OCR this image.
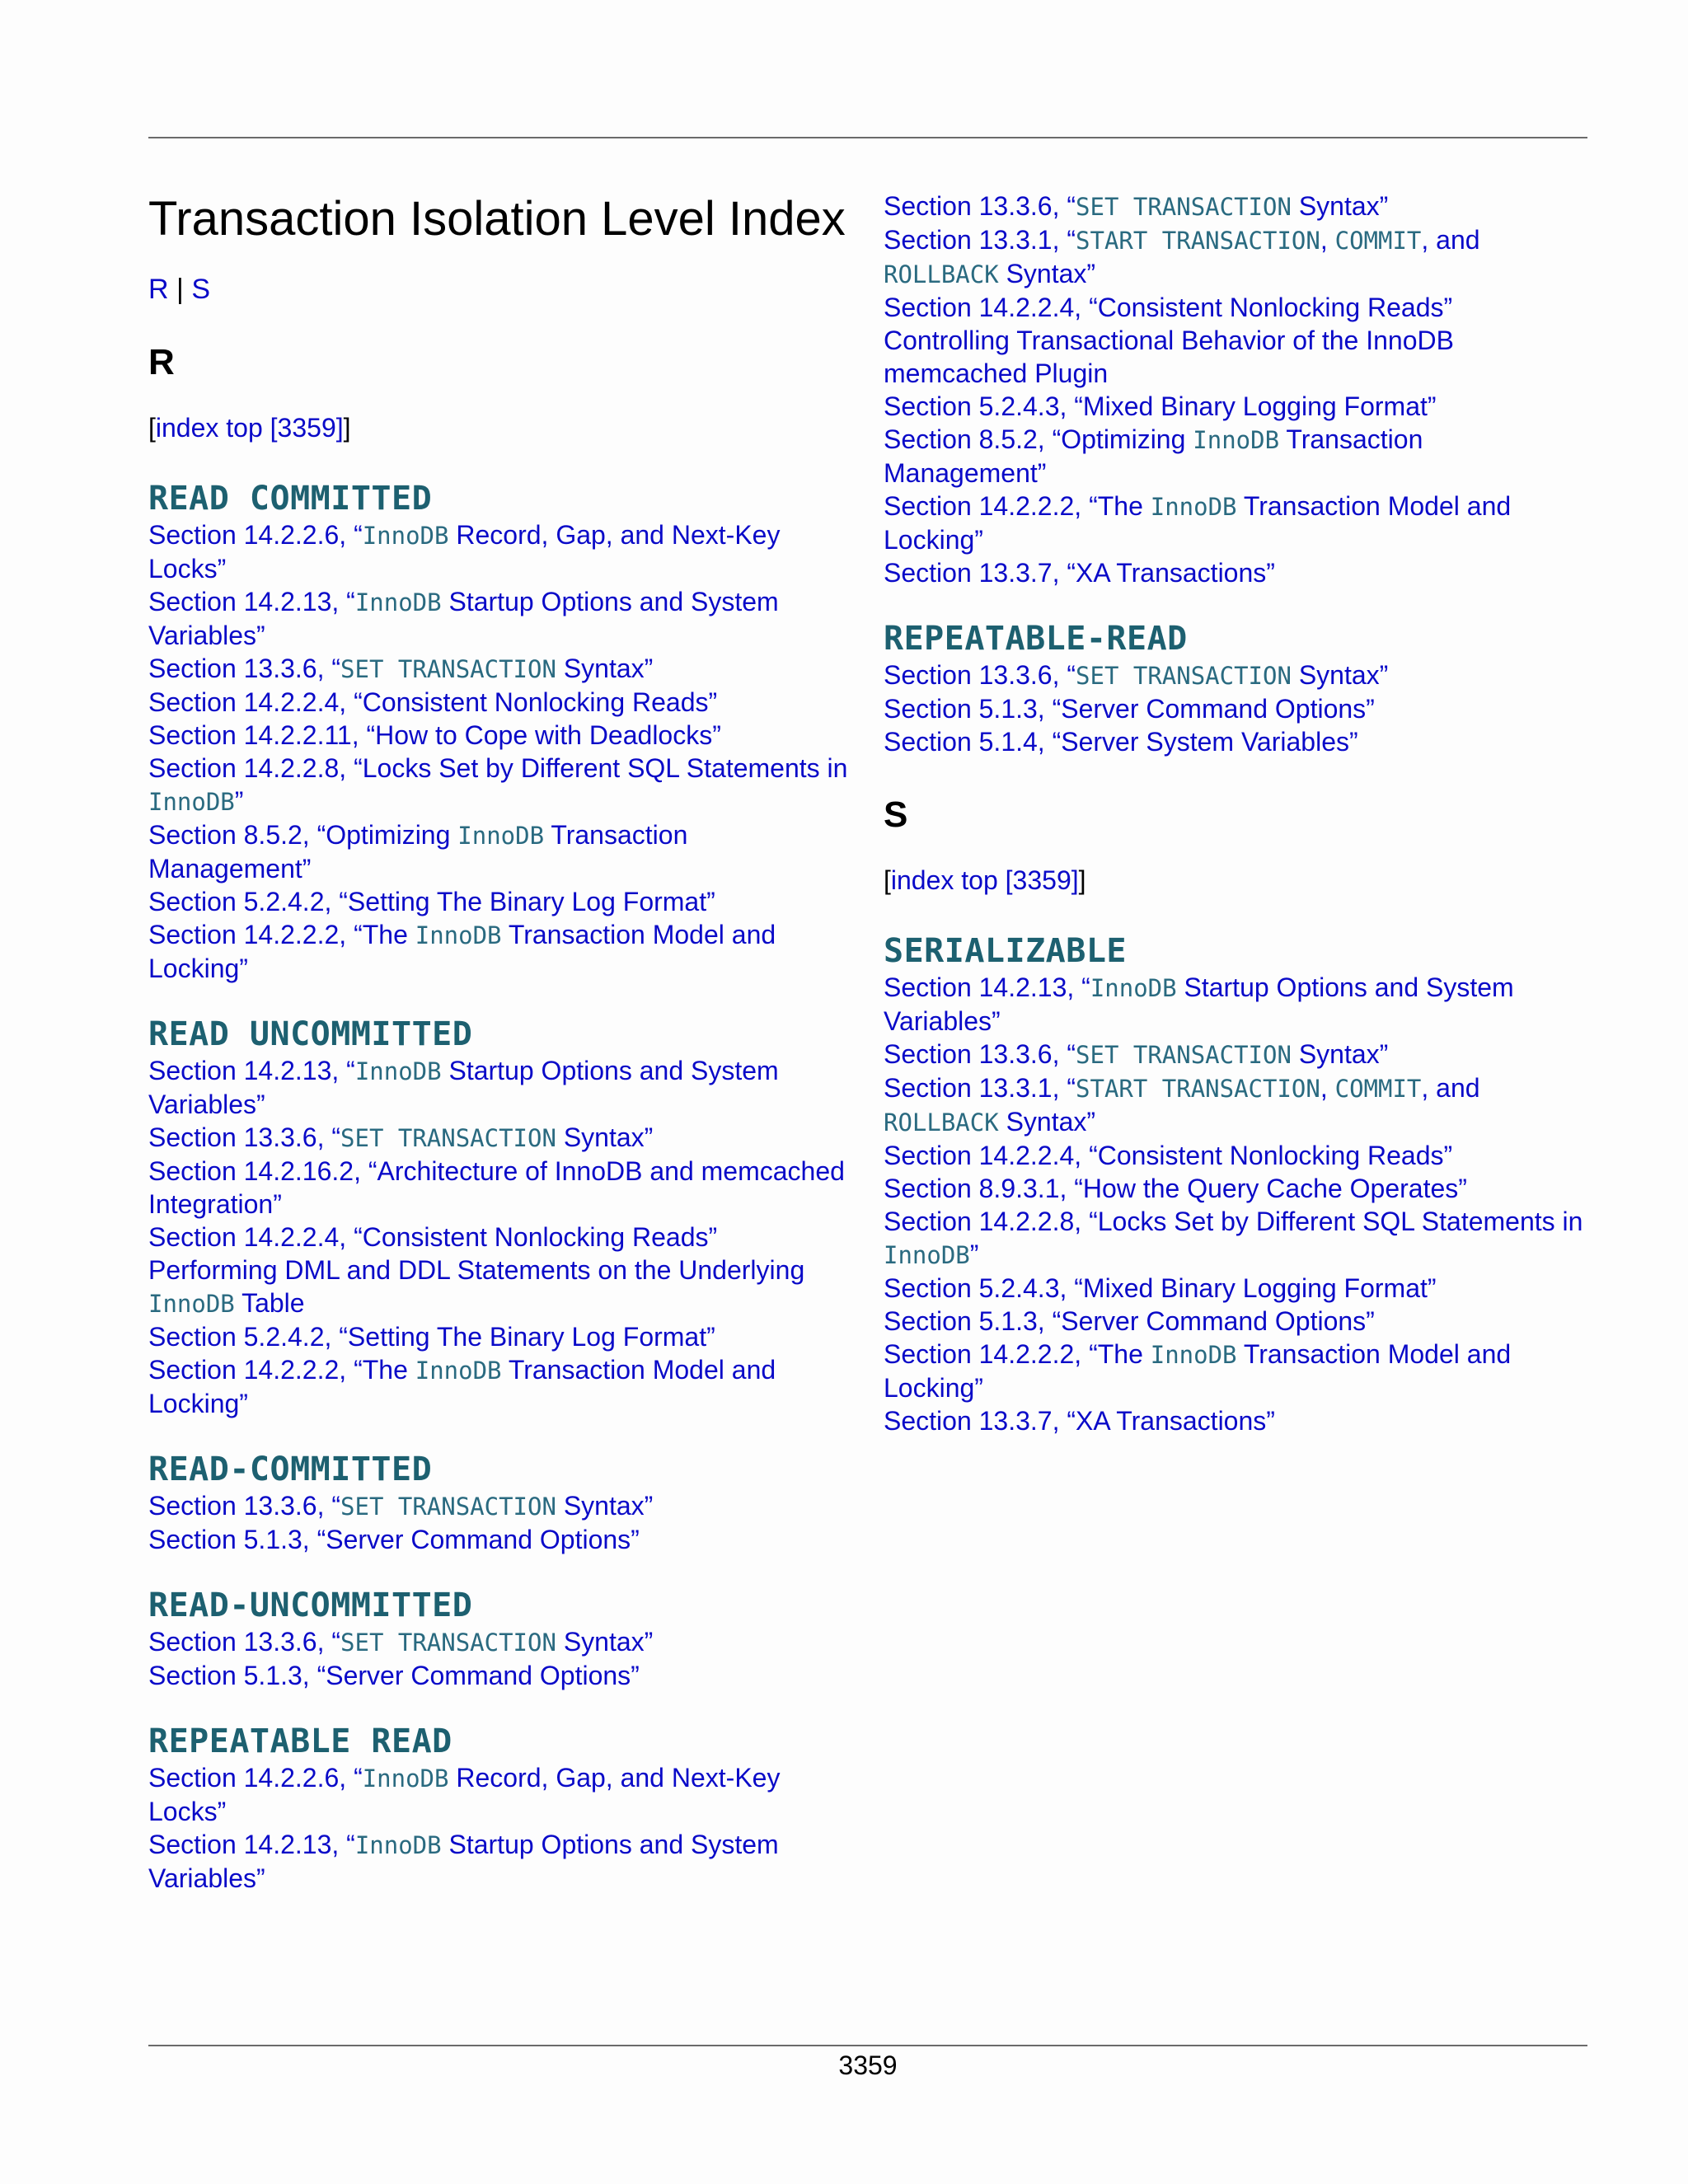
Transaction Isolation Level Index
R | S
R
[index top [3359]]
READ COMMITTED
Section 14.2.2.6, “InnoDB Record, Gap, and Next-Key Locks”
Section 14.2.13, “InnoDB Startup Options and System Variables”
Section 13.3.6, “SET TRANSACTION Syntax”
Section 14.2.2.4, “Consistent Nonlocking Reads”
Section 14.2.2.11, “How to Cope with Deadlocks”
Section 14.2.2.8, “Locks Set by Different SQL Statements in InnoDB”
Section 8.5.2, “Optimizing InnoDB Transaction Management”
Section 5.2.4.2, “Setting The Binary Log Format”
Section 14.2.2.2, “The InnoDB Transaction Model and Locking”
READ UNCOMMITTED
Section 14.2.13, “InnoDB Startup Options and System Variables”
Section 13.3.6, “SET TRANSACTION Syntax”
Section 14.2.16.2, “Architecture of InnoDB and memcached Integration”
Section 14.2.2.4, “Consistent Nonlocking Reads”
Performing DML and DDL Statements on the Underlying InnoDB Table
Section 5.2.4.2, “Setting The Binary Log Format”
Section 14.2.2.2, “The InnoDB Transaction Model and Locking”
READ-COMMITTED
Section 13.3.6, “SET TRANSACTION Syntax”
Section 5.1.3, “Server Command Options”
READ-UNCOMMITTED
Section 13.3.6, “SET TRANSACTION Syntax”
Section 5.1.3, “Server Command Options”
REPEATABLE READ
Section 14.2.2.6, “InnoDB Record, Gap, and Next-Key Locks”
Section 14.2.13, “InnoDB Startup Options and System Variables”
Section 13.3.6, “SET TRANSACTION Syntax”
Section 13.3.1, “START TRANSACTION, COMMIT, and ROLLBACK Syntax”
Section 14.2.2.4, “Consistent Nonlocking Reads”
Controlling Transactional Behavior of the InnoDB memcached Plugin
Section 5.2.4.3, “Mixed Binary Logging Format”
Section 8.5.2, “Optimizing InnoDB Transaction Management”
Section 14.2.2.2, “The InnoDB Transaction Model and Locking”
Section 13.3.7, “XA Transactions”
REPEATABLE-READ
Section 13.3.6, “SET TRANSACTION Syntax”
Section 5.1.3, “Server Command Options”
Section 5.1.4, “Server System Variables”
S
[index top [3359]]
SERIALIZABLE
Section 14.2.13, “InnoDB Startup Options and System Variables”
Section 13.3.6, “SET TRANSACTION Syntax”
Section 13.3.1, “START TRANSACTION, COMMIT, and ROLLBACK Syntax”
Section 14.2.2.4, “Consistent Nonlocking Reads”
Section 8.9.3.1, “How the Query Cache Operates”
Section 14.2.2.8, “Locks Set by Different SQL Statements in InnoDB”
Section 5.2.4.3, “Mixed Binary Logging Format”
Section 5.1.3, “Server Command Options”
Section 14.2.2.2, “The InnoDB Transaction Model and Locking”
Section 13.3.7, “XA Transactions”
3359
